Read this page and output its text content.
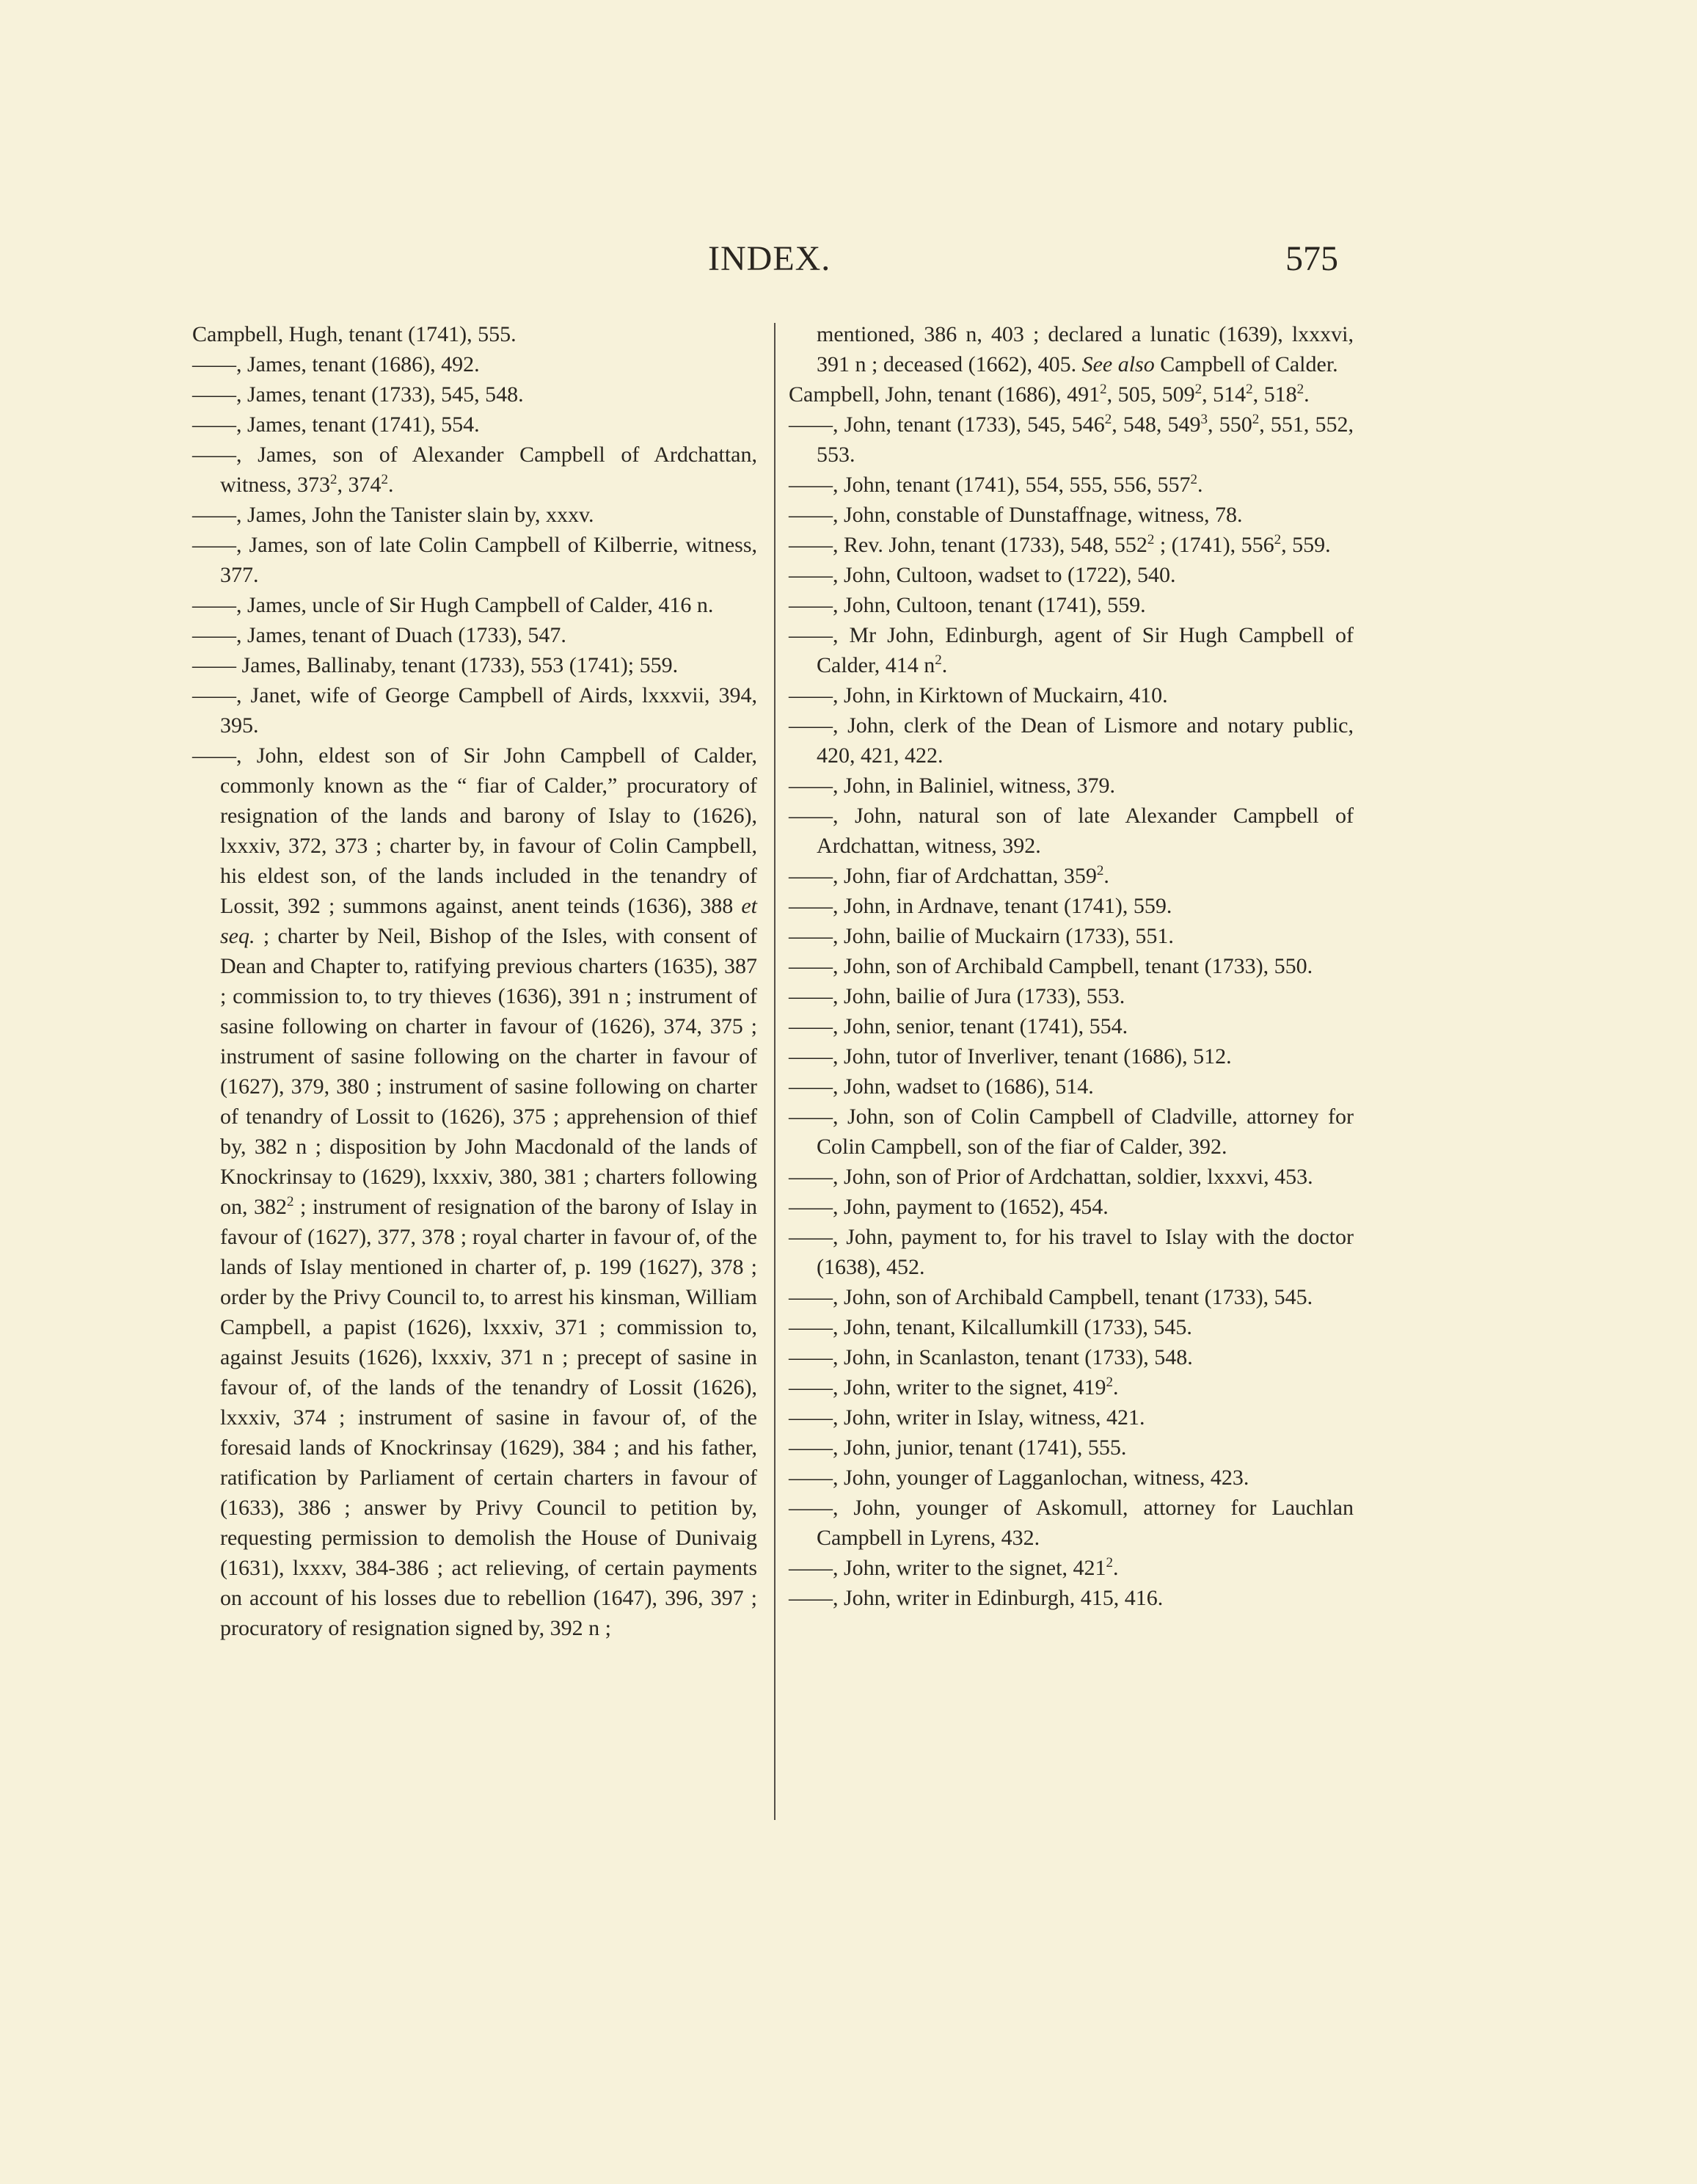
INDEX.	575
Campbell, Hugh, tenant (1741), 555.
——, James, tenant (1686), 492.
——, James, tenant (1733), 545, 548.
——, James, tenant (1741), 554.
——, James, son of Alexander Campbell of Ardchattan, witness, $373^2$, $374^2$.
——, James, John the Tanister slain by, xxxv.
——, James, son of late Colin Campbell of Kilberrie, witness, 377.
——, James, uncle of Sir Hugh Campbell of Calder, 416 n.
——, James, tenant of Duach (1733), 547.
—— James, Ballinaby, tenant (1733), 553 (1741); 559.
——, Janet, wife of George Campbell of Airds, lxxxvii, 394, 395.
——, John, eldest son of Sir John Campbell of Calder, commonly known as the “ fiar of Calder,” procuratory of resignation of the lands and barony of Islay to (1626), lxxxiv, 372, 373 ; charter by, in favour of Colin Campbell, his eldest son, of the lands included in the tenandry of Lossit, 392 ; summons against, anent teinds (1636), 388 et seq. ; charter by Neil, Bishop of the Isles, with consent of Dean and Chapter to, ratifying previous charters (1635), 387 ; commission to, to try thieves (1636), 391 n ; instrument of sasine following on charter in favour of (1626), 374, 375 ; instrument of sasine following on the charter in favour of (1627), 379, 380 ; instrument of sasine following on charter of tenandry of Lossit to (1626), 375 ; apprehension of thief by, 382 n ; disposition by John Macdonald of the lands of Knockrinsay to (1629), lxxxiv, 380, 381 ; charters following on, $382^2$ ; instrument of resignation of the barony of Islay in favour of (1627), 377, 378 ; royal charter in favour of, of the lands of Islay mentioned in charter of, p. 199 (1627), 378 ; order by the Privy Council to, to arrest his kinsman, William Campbell, a papist (1626), lxxxiv, 371 ; commission to, against Jesuits (1626), lxxxiv, 371 n ; precept of sasine in favour of, of the lands of the tenandry of Lossit (1626), lxxxiv, 374 ; instrument of sasine in favour of, of the foresaid lands of Knockrinsay (1629), 384 ; and his father, ratification by Parliament of certain charters in favour of (1633), 386 ; answer by Privy Council to petition by, requesting permission to demolish the House of Dunivaig (1631), lxxxv, 384-386 ; act relieving, of certain payments on account of his losses due to rebellion (1647), 396, 397 ; procuratory of resignation signed by, 392 n ;
mentioned, 386 n, 403 ; declared a lunatic (1639), lxxxvi, 391 n ; deceased (1662), 405. See also Campbell of Calder.
Campbell, John, tenant (1686), $491^2$, 505, $509^2$, $514^2$, $518^2$.
——, John, tenant (1733), 545, $546^2$, 548, $549^3$, $550^2$, 551, 552, 553.
——, John, tenant (1741), 554, 555, 556, $557^2$.
——, John, constable of Dunstaffnage, witness, 78.
——, Rev. John, tenant (1733), 548, $552^2$ ; (1741), $556^2$, 559.
——, John, Cultoon, wadset to (1722), 540.
——, John, Cultoon, tenant (1741), 559.
——, Mr John, Edinburgh, agent of Sir Hugh Campbell of Calder, 414 $n^2$.
——, John, in Kirktown of Muckairn, 410.
——, John, clerk of the Dean of Lismore and notary public, 420, 421, 422.
——, John, in Baliniel, witness, 379.
——, John, natural son of late Alexander Campbell of Ardchattan, witness, 392.
——, John, fiar of Ardchattan, $359^2$.
——, John, in Ardnave, tenant (1741), 559.
——, John, bailie of Muckairn (1733), 551.
——, John, son of Archibald Campbell, tenant (1733), 550.
——, John, bailie of Jura (1733), 553.
——, John, senior, tenant (1741), 554.
——, John, tutor of Inverliver, tenant (1686), 512.
——, John, wadset to (1686), 514.
——, John, son of Colin Campbell of Cladville, attorney for Colin Campbell, son of the fiar of Calder, 392.
——, John, son of Prior of Ardchattan, soldier, lxxxvi, 453.
——, John, payment to (1652), 454.
——, John, payment to, for his travel to Islay with the doctor (1638), 452.
——, John, son of Archibald Campbell, tenant (1733), 545.
——, John, tenant, Kilcallumkill (1733), 545.
——, John, in Scanlaston, tenant (1733), 548.
——, John, writer to the signet, $419^2$.
——, John, writer in Islay, witness, 421.
——, John, junior, tenant (1741), 555.
——, John, younger of Lagganlochan, witness, 423.
——, John, younger of Askomull, attorney for Lauchlan Campbell in Lyrens, 432.
——, John, writer to the signet, $421^2$.
——, John, writer in Edinburgh, 415, 416.
